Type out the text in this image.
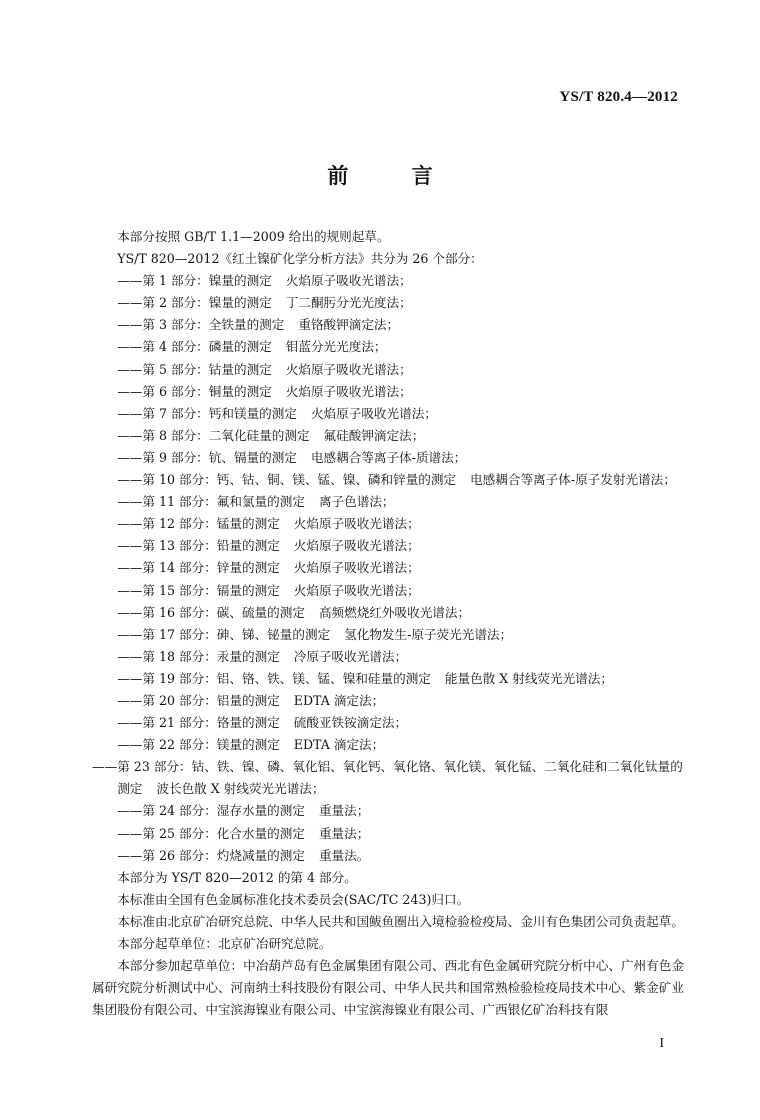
YS/T 820.4—2012
前 言

本部分按照 GB/T 1.1—2009 给出的规则起草。

YS/T 820—2012《红土镍矿化学分析方法》共分为 26 个部分：

——第 1 部分：镍量的测定 火焰原子吸收光谱法；

——第 2 部分：镍量的测定 丁二酮肟分光光度法；

——第 3 部分：全铁量的测定 重铬酸钾滴定法；

——第 4 部分：磷量的测定 钼蓝分光光度法；

——第 5 部分：钴量的测定 火焰原子吸收光谱法；

——第 6 部分：铜量的测定 火焰原子吸收光谱法；

——第 7 部分：钙和镁量的测定 火焰原子吸收光谱法；

——第 8 部分：二氧化硅量的测定 氟硅酸钾滴定法；

——第 9 部分：钪、镉量的测定 电感耦合等离子体-质谱法；

——第 10 部分：钙、钴、铜、镁、锰、镍、磷和锌量的测定 电感耦合等离子体-原子发射光谱法；

——第 11 部分：氟和氯量的测定 离子色谱法；

——第 12 部分：锰量的测定 火焰原子吸收光谱法；

——第 13 部分：铅量的测定 火焰原子吸收光谱法；

——第 14 部分：锌量的测定 火焰原子吸收光谱法；

——第 15 部分：镉量的测定 火焰原子吸收光谱法；

——第 16 部分：碳、硫量的测定 高频燃烧红外吸收光谱法；

——第 17 部分：砷、锑、铋量的测定 氢化物发生-原子荧光光谱法；

——第 18 部分：汞量的测定 冷原子吸收光谱法；

——第 19 部分：铝、铬、铁、镁、锰、镍和硅量的测定 能量色散 X 射线荧光光谱法；

——第 20 部分：铝量的测定 EDTA 滴定法；

——第 21 部分：铬量的测定 硫酸亚铁铵滴定法；

——第 22 部分：镁量的测定 EDTA 滴定法；

——第 23 部分：钴、铁、镍、磷、氧化铝、氧化钙、氧化铬、氧化镁、氧化锰、二氧化硅和二氧化钛量的测定 波长色散 X 射线荧光光谱法；

——第 24 部分：湿存水量的测定 重量法；

——第 25 部分：化合水量的测定 重量法；

——第 26 部分：灼烧减量的测定 重量法。

本部分为 YS/T 820—2012 的第 4 部分。

本标准由全国有色金属标准化技术委员会(SAC/TC 243)归口。

本标准由北京矿冶研究总院、中华人民共和国鲅鱼圈出入境检验检疫局、金川有色集团公司负责起草。

本部分起草单位：北京矿冶研究总院。

本部分参加起草单位：中冶葫芦岛有色金属集团有限公司、西北有色金属研究院分析中心、广州有色金属研究院分析测试中心、河南纳士科技股份有限公司、中华人民共和国常熟检验检疫局技术中心、紫金矿业集团股份有限公司、中宝滨海镍业有限公司、中宝滨海镍业有限公司、广西银亿矿冶科技有限

I
